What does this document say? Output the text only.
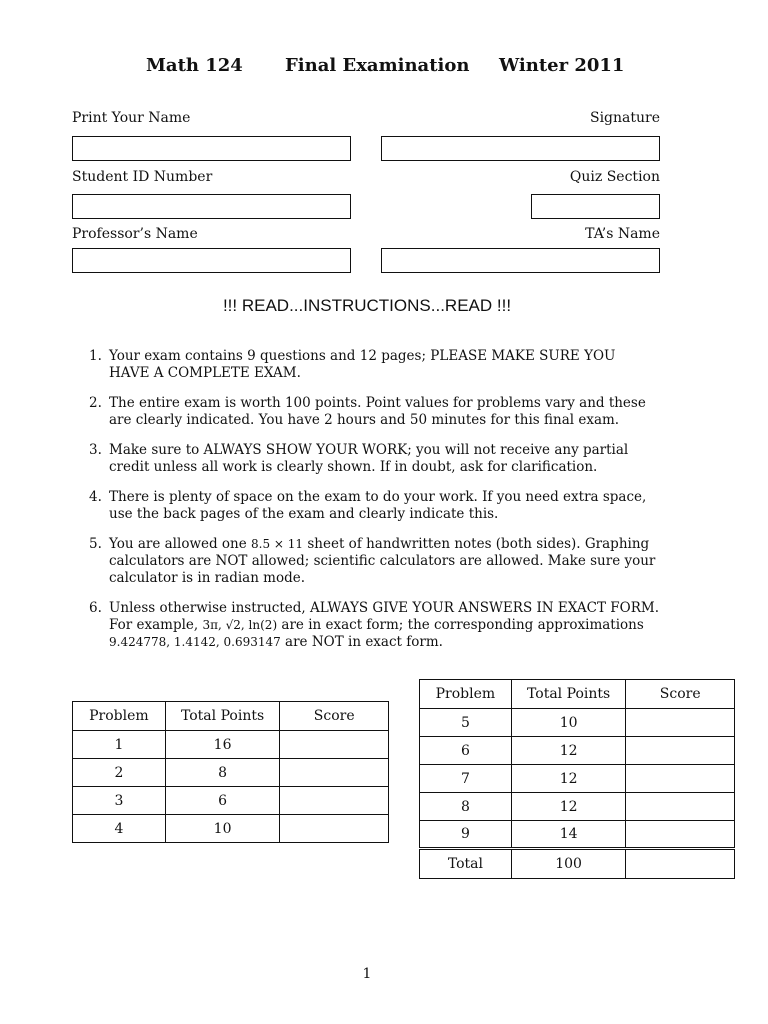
Math 124 Final Examination Winter 2011
Print Your Name	Signature
Student ID Number	Quiz Section
Professor’s Name	TA’s Name
!!! READ...INSTRUCTIONS...READ !!!
1. Your exam contains 9 questions and 12 pages; PLEASE MAKE SURE YOU HAVE A COMPLETE EXAM.
2. The entire exam is worth 100 points. Point values for problems vary and these are clearly indicated. You have 2 hours and 50 minutes for this final exam.
3. Make sure to ALWAYS SHOW YOUR WORK; you will not receive any partial credit unless all work is clearly shown. If in doubt, ask for clarification.
4. There is plenty of space on the exam to do your work. If you need extra space, use the back pages of the exam and clearly indicate this.
5. You are allowed one 8.5 × 11 sheet of handwritten notes (both sides). Graphing calculators are NOT allowed; scientific calculators are allowed. Make sure your calculator is in radian mode.
6. Unless otherwise instructed, ALWAYS GIVE YOUR ANSWERS IN EXACT FORM. For example, 3π, √2, ln(2) are in exact form; the corresponding approximations 9.424778, 1.4142, 0.693147 are NOT in exact form.
Problem	Total Points	Score
1	16	
2	8	
3	6	
4	10	
Problem	Total Points	Score
5	10	
6	12	
7	12	
8	12	
9	14	
Total	100	
1
